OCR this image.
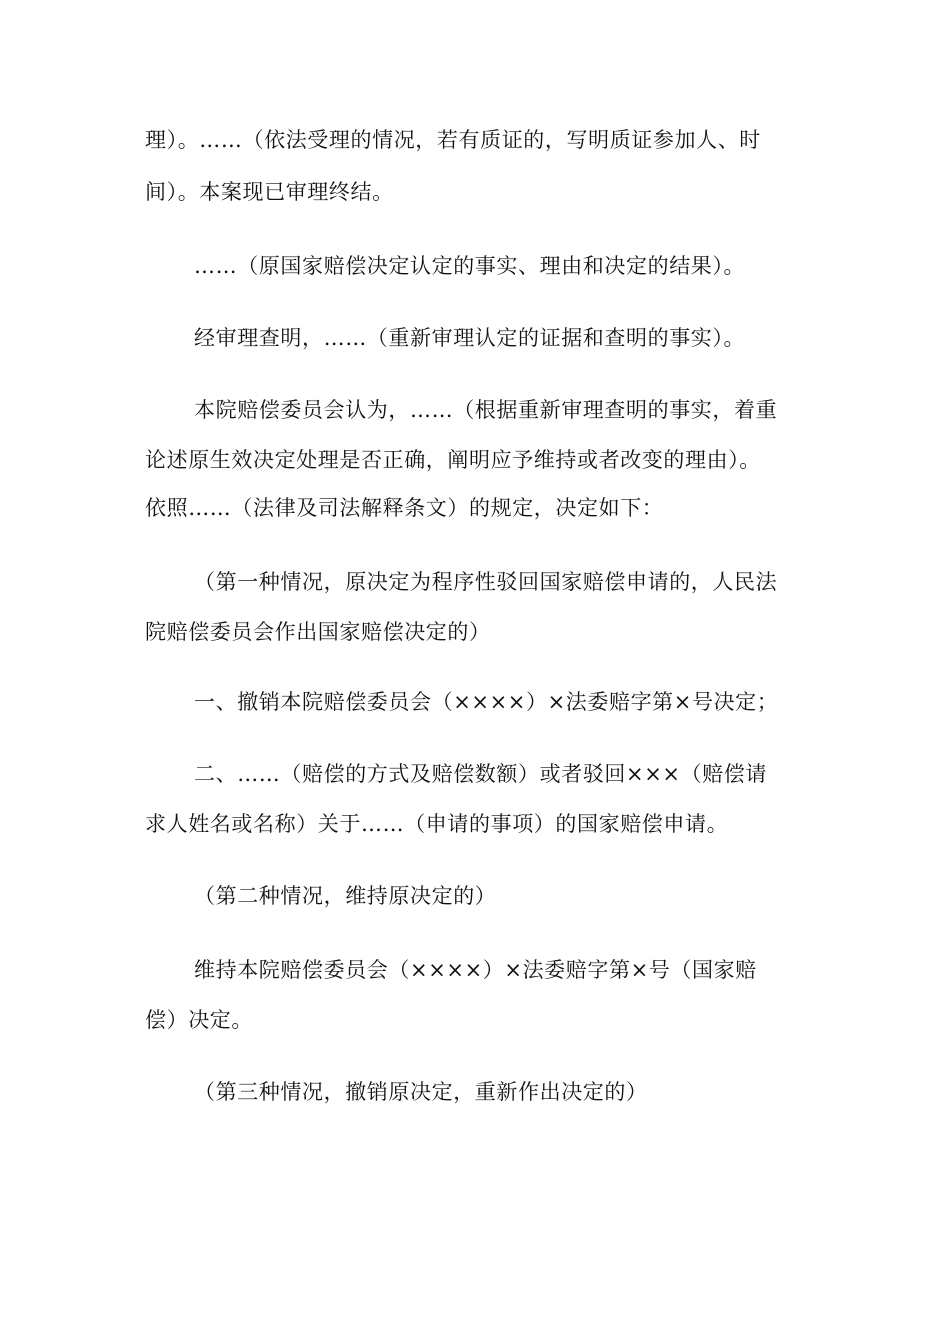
理）。……（依法受理的情况，若有质证的，写明质证参加人、时
间）。本案现已审理终结。
……（原国家赔偿决定认定的事实、理由和决定的结果）。
经审理查明，……（重新审理认定的证据和查明的事实）。
本院赔偿委员会认为，……（根据重新审理查明的事实，着重
论述原生效决定处理是否正确，阐明应予维持或者改变的理由）。
依照……（法律及司法解释条文）的规定，决定如下：
（第一种情况，原决定为程序性驳回国家赔偿申请的，人民法
院赔偿委员会作出国家赔偿决定的）
一、撤销本院赔偿委员会（××××）×法委赔字第×号决定；
二、……（赔偿的方式及赔偿数额）或者驳回×××（赔偿请
求人姓名或名称）关于……（申请的事项）的国家赔偿申请。
（第二种情况，维持原决定的）
维持本院赔偿委员会（××××）×法委赔字第×号（国家赔
偿）决定。
（第三种情况，撤销原决定，重新作出决定的）
